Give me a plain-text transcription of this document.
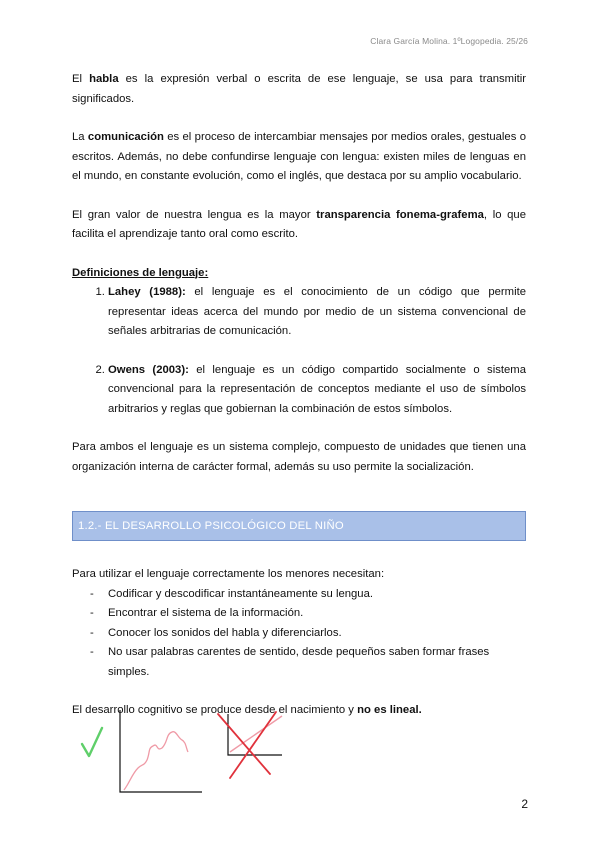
Clara García Molina. 1ºLogopedia. 25/26

El habla es la expresión verbal o escrita de ese lenguaje, se usa para transmitir significados.

La comunicación es el proceso de intercambiar mensajes por medios orales, gestuales o escritos. Además, no debe confundirse lenguaje con lengua: existen miles de lenguas en el mundo, en constante evolución, como el inglés, que destaca por su amplio vocabulario.

El gran valor de nuestra lengua es la mayor transparencia fonema-grafema, lo que facilita el aprendizaje tanto oral como escrito.

Definiciones de lenguaje:

1. Lahey (1988): el lenguaje es el conocimiento de un código que permite representar ideas acerca del mundo por medio de un sistema convencional de señales arbitrarias de comunicación.
2. Owens (2003): el lenguaje es un código compartido socialmente o sistema convencional para la representación de conceptos mediante el uso de símbolos arbitrarios y reglas que gobiernan la combinación de estos símbolos.

Para ambos el lenguaje es un sistema complejo, compuesto de unidades que tienen una organización interna de carácter formal, además su uso permite la socialización.

1.2.- EL DESARROLLO PSICOLÓGICO DEL NIÑO

Para utilizar el lenguaje correctamente los menores necesitan:

- Codificar y descodificar instantáneamente su lengua.
- Encontrar el sistema de la información.
- Conocer los sonidos del habla y diferenciarlos.
- No usar palabras carentes de sentido, desde pequeños saben formar frases simples.

El desarrollo cognitivo se produce desde el nacimiento y no es lineal.

2
